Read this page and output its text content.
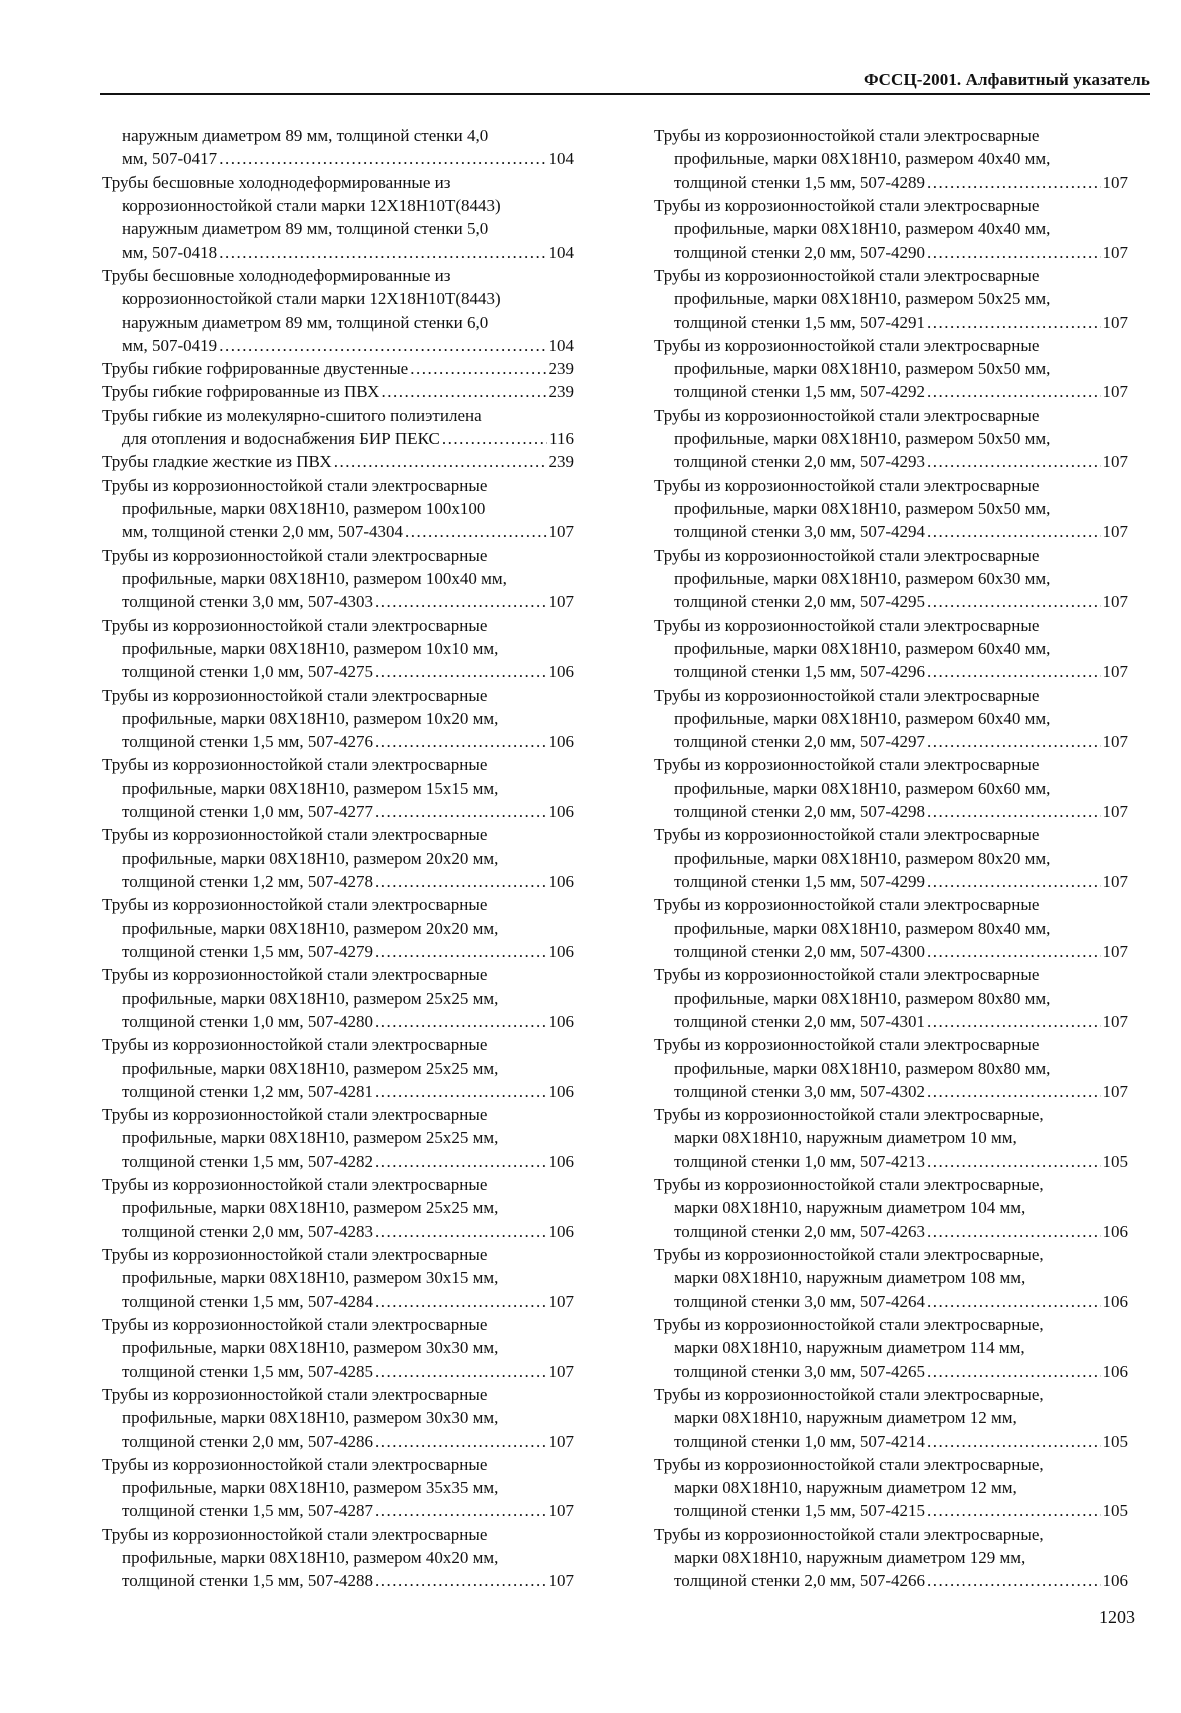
ФССЦ-2001. Алфавитный указатель
наружным диаметром 89 мм, толщиной стенки 4,0
мм, 507-0417 .....	104
Трубы бесшовные холоднодеформированные из
коррозионностойкой стали марки 12Х18Н10Т(8443)
наружным диаметром 89 мм, толщиной стенки 5,0
мм, 507-0418 .....	104
Трубы бесшовные холоднодеформированные из
коррозионностойкой стали марки 12Х18Н10Т(8443)
наружным диаметром 89 мм, толщиной стенки 6,0
мм, 507-0419 .....	104
Трубы гибкие гофрированные двустенные .....	239
Трубы гибкие гофрированные из ПВХ .....	239
Трубы гибкие из молекулярно-сшитого полиэтилена
для отопления и водоснабжения БИР ПЕКС .....	116
Трубы гладкие жесткие из ПВХ .....	239
Трубы из коррозионностойкой стали электросварные
профильные, марки 08Х18Н10, размером 100х100
мм, толщиной стенки 2,0 мм, 507-4304 .....	107
Трубы из коррозионностойкой стали электросварные
профильные, марки 08Х18Н10, размером 100х40 мм,
толщиной стенки 3,0 мм, 507-4303 .....	107
Трубы из коррозионностойкой стали электросварные
профильные, марки 08Х18Н10, размером 10х10 мм,
толщиной стенки 1,0 мм, 507-4275 .....	106
Трубы из коррозионностойкой стали электросварные
профильные, марки 08Х18Н10, размером 10х20 мм,
толщиной стенки 1,5 мм, 507-4276 .....	106
Трубы из коррозионностойкой стали электросварные
профильные, марки 08Х18Н10, размером 15х15 мм,
толщиной стенки 1,0 мм, 507-4277 .....	106
Трубы из коррозионностойкой стали электросварные
профильные, марки 08Х18Н10, размером 20х20 мм,
толщиной стенки 1,2 мм, 507-4278 .....	106
Трубы из коррозионностойкой стали электросварные
профильные, марки 08Х18Н10, размером 20х20 мм,
толщиной стенки 1,5 мм, 507-4279 .....	106
Трубы из коррозионностойкой стали электросварные
профильные, марки 08Х18Н10, размером 25х25 мм,
толщиной стенки 1,0 мм, 507-4280 .....	106
Трубы из коррозионностойкой стали электросварные
профильные, марки 08Х18Н10, размером 25х25 мм,
толщиной стенки 1,2 мм, 507-4281 .....	106
Трубы из коррозионностойкой стали электросварные
профильные, марки 08Х18Н10, размером 25х25 мм,
толщиной стенки 1,5 мм, 507-4282 .....	106
Трубы из коррозионностойкой стали электросварные
профильные, марки 08Х18Н10, размером 25х25 мм,
толщиной стенки 2,0 мм, 507-4283 .....	106
Трубы из коррозионностойкой стали электросварные
профильные, марки 08Х18Н10, размером 30х15 мм,
толщиной стенки 1,5 мм, 507-4284 .....	107
Трубы из коррозионностойкой стали электросварные
профильные, марки 08Х18Н10, размером 30х30 мм,
толщиной стенки 1,5 мм, 507-4285 .....	107
Трубы из коррозионностойкой стали электросварные
профильные, марки 08Х18Н10, размером 30х30 мм,
толщиной стенки 2,0 мм, 507-4286 .....	107
Трубы из коррозионностойкой стали электросварные
профильные, марки 08Х18Н10, размером 35х35 мм,
толщиной стенки 1,5 мм, 507-4287 .....	107
Трубы из коррозионностойкой стали электросварные
профильные, марки 08Х18Н10, размером 40х20 мм,
толщиной стенки 1,5 мм, 507-4288 .....	107
Трубы из коррозионностойкой стали электросварные
профильные, марки 08Х18Н10, размером 40х40 мм,
толщиной стенки 1,5 мм, 507-4289 .....	107
Трубы из коррозионностойкой стали электросварные
профильные, марки 08Х18Н10, размером 40х40 мм,
толщиной стенки 2,0 мм, 507-4290 .....	107
Трубы из коррозионностойкой стали электросварные
профильные, марки 08Х18Н10, размером 50х25 мм,
толщиной стенки 1,5 мм, 507-4291 .....	107
Трубы из коррозионностойкой стали электросварные
профильные, марки 08Х18Н10, размером 50х50 мм,
толщиной стенки 1,5 мм, 507-4292 .....	107
Трубы из коррозионностойкой стали электросварные
профильные, марки 08Х18Н10, размером 50х50 мм,
толщиной стенки 2,0 мм, 507-4293 .....	107
Трубы из коррозионностойкой стали электросварные
профильные, марки 08Х18Н10, размером 50х50 мм,
толщиной стенки 3,0 мм, 507-4294 .....	107
Трубы из коррозионностойкой стали электросварные
профильные, марки 08Х18Н10, размером 60х30 мм,
толщиной стенки 2,0 мм, 507-4295 .....	107
Трубы из коррозионностойкой стали электросварные
профильные, марки 08Х18Н10, размером 60х40 мм,
толщиной стенки 1,5 мм, 507-4296 .....	107
Трубы из коррозионностойкой стали электросварные
профильные, марки 08Х18Н10, размером 60х40 мм,
толщиной стенки 2,0 мм, 507-4297 .....	107
Трубы из коррозионностойкой стали электросварные
профильные, марки 08Х18Н10, размером 60х60 мм,
толщиной стенки 2,0 мм, 507-4298 .....	107
Трубы из коррозионностойкой стали электросварные
профильные, марки 08Х18Н10, размером 80х20 мм,
толщиной стенки 1,5 мм, 507-4299 .....	107
Трубы из коррозионностойкой стали электросварные
профильные, марки 08Х18Н10, размером 80х40 мм,
толщиной стенки 2,0 мм, 507-4300 .....	107
Трубы из коррозионностойкой стали электросварные
профильные, марки 08Х18Н10, размером 80х80 мм,
толщиной стенки 2,0 мм, 507-4301 .....	107
Трубы из коррозионностойкой стали электросварные
профильные, марки 08Х18Н10, размером 80х80 мм,
толщиной стенки 3,0 мм, 507-4302 .....	107
Трубы из коррозионностойкой стали электросварные,
марки 08Х18Н10, наружным диаметром 10 мм,
толщиной стенки 1,0 мм, 507-4213 .....	105
Трубы из коррозионностойкой стали электросварные,
марки 08Х18Н10, наружным диаметром 104 мм,
толщиной стенки 2,0 мм, 507-4263 .....	106
Трубы из коррозионностойкой стали электросварные,
марки 08Х18Н10, наружным диаметром 108 мм,
толщиной стенки 3,0 мм, 507-4264 .....	106
Трубы из коррозионностойкой стали электросварные,
марки 08Х18Н10, наружным диаметром 114 мм,
толщиной стенки 3,0 мм, 507-4265 .....	106
Трубы из коррозионностойкой стали электросварные,
марки 08Х18Н10, наружным диаметром 12 мм,
толщиной стенки 1,0 мм, 507-4214 .....	105
Трубы из коррозионностойкой стали электросварные,
марки 08Х18Н10, наружным диаметром 12 мм,
толщиной стенки 1,5 мм, 507-4215 .....	105
Трубы из коррозионностойкой стали электросварные,
марки 08Х18Н10, наружным диаметром 129 мм,
толщиной стенки 2,0 мм, 507-4266 .....	106
1203
